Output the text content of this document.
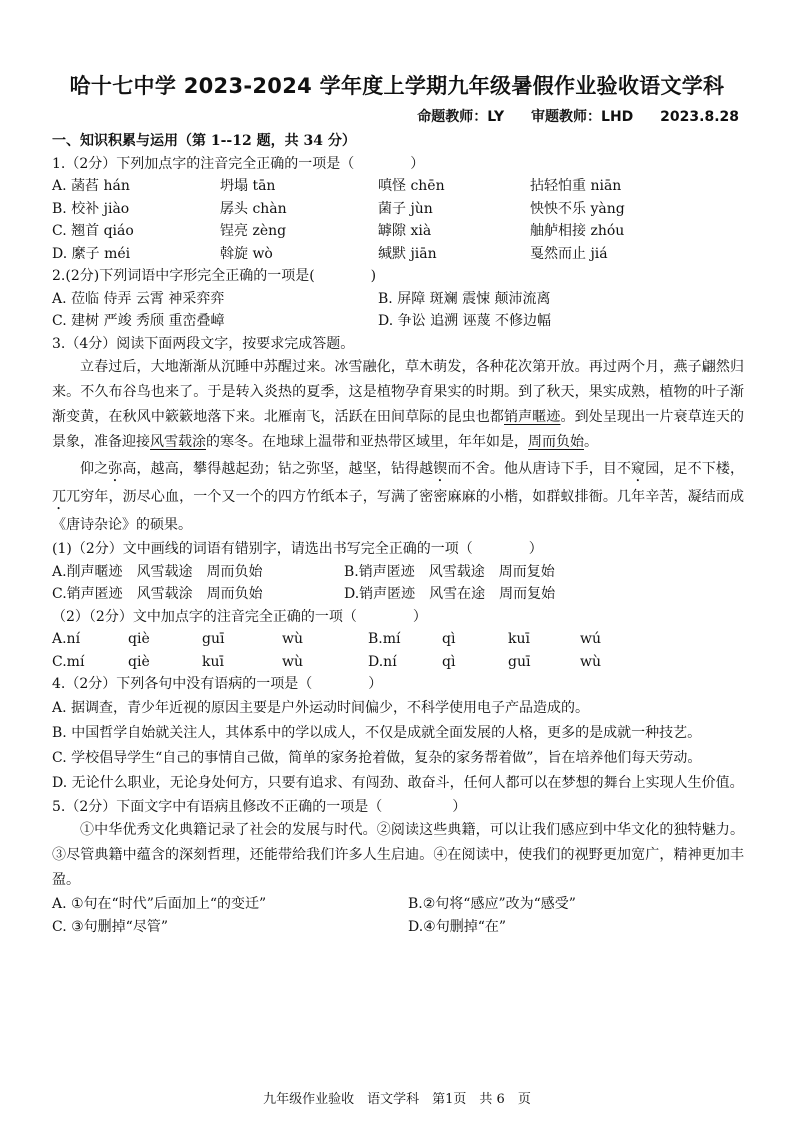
哈十七中学 2023-2024 学年度上学期九年级暑假作业验收语文学科
命题教师：LY 审题教师：LHD 2023.8.28
一、知识积累与运用（第 1--12 题，共 34 分）
1.（2分）下列加点字的注音完全正确的一项是（　　　　）
A. 菡萏 hán	坍塌 tān	嗔怪 chēn	拈轻怕重 niān
B. 校补 jiào	孱头 chàn	菌子 jùn	怏怏不乐 yàng
C. 翘首 qiáo	锃亮 zèng	罅隙 xià	舳舻相接 zhóu
D. 縻子 méi	斡旋 wò	缄默 jiān	戛然而止 jiá
2.(2分)下列词语中字形完全正确的一项是(　　　　)
A. 莅临 侍弄 云霄 神采弈弈	B. 屏障 斑斓 震悚 颠沛流离
C. 建树 严竣 秀颀 重峦叠嶂	D. 争讼 追溯 诬蔑 不修边幅
3.（4分）阅读下面两段文字，按要求完成答题。

立春过后，大地渐渐从沉睡中苏醒过来。冰雪融化，草木萌发，各种花次第开放。再过两个月，燕子翩然归来。不久布谷鸟也来了。于是转入炎热的夏季，这是植物孕育果实的时期。到了秋天，果实成熟，植物的叶子渐渐变黄，在秋风中簌簌地落下来。北雁南飞，活跃在田间草际的昆虫也都销声暱迹。到处呈现出一片衰草连天的景象，准备迎接风雪载涂的寒冬。在地球上温带和亚热带区域里，年年如是，周而负始。

仰之弥高，越高，攀得越起劲；钻之弥坚，越坚，钻得越锲而不舍。他从唐诗下手，目不窥园，足不下楼，兀兀穷年，沥尽心血，一个又一个的四方竹纸本子，写满了密密麻麻的小楷，如群蚁排衙。几年辛苦，凝结而成《唐诗杂论》的硕果。

(1)（2分）文中画线的词语有错别字，请选出书写完全正确的一项（　　　　）
A.削声暱迹　风雪载途　周而负始	B.销声匿迹　风雪载途　周而复始
C.销声匿迹　风雪载涂　周而负始	D.销声匿迹　风雪在途　周而复始
（2）（2分）文中加点字的注音完全正确的一项（　　　　）
A.ní	qiè	guī	wù	B.mí	qì	kuī	wú
C.mí	qiè	kuī	wù	D.ní	qì	guī	wù
4.（2分）下列各句中没有语病的一项是（　　　　）

A. 据调查，青少年近视的原因主要是户外运动时间偏少，不科学使用电子产品造成的。

B. 中国哲学自始就关注人，其体系中的学以成人，不仅是成就全面发展的人格，更多的是成就一种技艺。

C. 学校倡导学生“自己的事情自己做，简单的家务抢着做，复杂的家务帮着做”，旨在培养他们每天劳动。

D. 无论什么职业，无论身处何方，只要有追求、有闯劲、敢奋斗，任何人都可以在梦想的舞台上实现人生价值。

5.（2分）下面文字中有语病且修改不正确的一项是（　　　　　）

①中华优秀文化典籍记录了社会的发展与时代。②阅读这些典籍，可以让我们感应到中华文化的独特魅力。③尽管典籍中蕴含的深刻哲理，还能带给我们许多人生启迪。④在阅读中，使我们的视野更加宽广，精神更加丰盈。

A. ①句在“时代”后面加上“的变迁”	B.②句将“感应”改为“感受”
C. ③句删掉“尽管”	D.④句删掉“在”
九年级作业验收　语文学科　第1页　共 6　页
